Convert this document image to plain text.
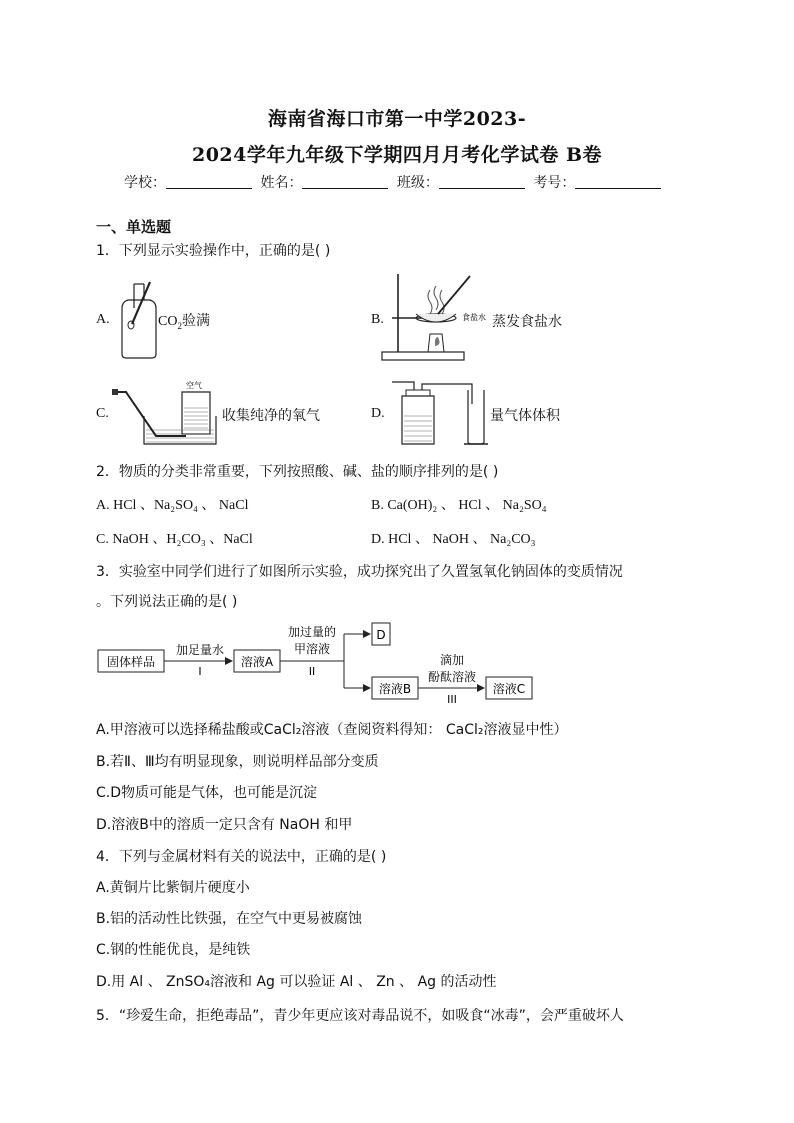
海南省海口市第一中学2023-
2024学年九年级下学期四月月考化学试卷 B卷
学校：	姓名：	班级：	考号：
一、单选题
1．下列显示实验操作中，正确的是( )
A.	$CO_2$验满	B.	食盐水 蒸发食盐水
C.
空气
收集纯净的氧气	D.	量气体体积
2．物质的分类非常重要，下列按照酸、碱、盐的顺序排列的是( )
A. HCl 、Na₂SO₄ 、 NaCl	B. Ca(OH)₂ 、 HCl 、 Na₂SO₄
C. NaOH 、H₂CO₃ 、NaCl	D. HCl 、 NaOH 、 Na₂CO₃
3．实验室中同学们进行了如图所示实验，成功探究出了久置氢氧化钠固体的变质情况
。下列说法正确的是( )
固体样品
加足量水
I
溶液A
加过量的
甲溶液
II
D
溶液B
滴加
酚酞溶液
III
溶液C
A.甲溶液可以选择稀盐酸或CaCl₂溶液（查阅资料得知： CaCl₂溶液显中性）
B.若Ⅱ、Ⅲ均有明显现象，则说明样品部分变质
C.D物质可能是气体，也可能是沉淀
D.溶液B中的溶质一定只含有 NaOH 和甲
4．下列与金属材料有关的说法中，正确的是( )
A.黄铜片比紫铜片硬度小
B.铝的活动性比铁强，在空气中更易被腐蚀
C.钢的性能优良，是纯铁
D.用 Al 、 ZnSO₄溶液和 Ag 可以验证 Al 、 Zn 、 Ag 的活动性
5．“珍爱生命，拒绝毒品”，青少年更应该对毒品说不，如吸食“冰毒”，会严重破坏人
